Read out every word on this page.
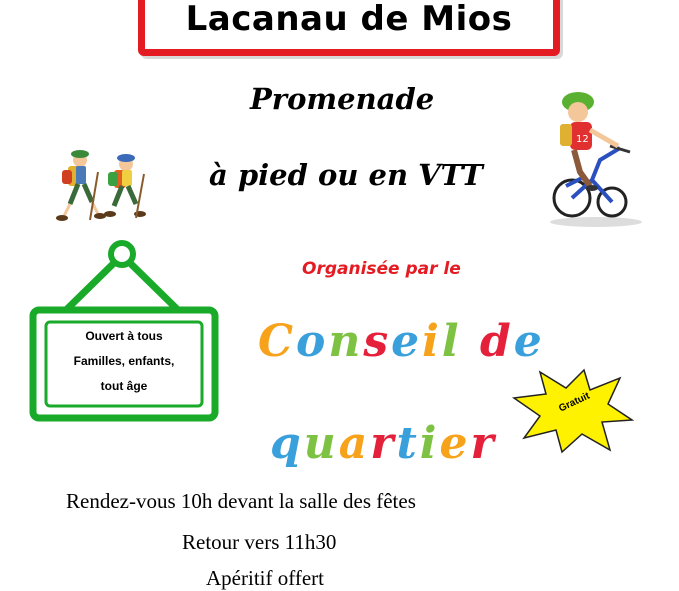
Lacanau de Mios
Promenade
à pied ou en VTT
12
Organisée par le
Ouvert à tous
Familles, enfants,
tout âge
Conseil de
quartier
Gratuit
Rendez-vous 10h devant la salle des fêtes
Retour vers 11h30
Apéritif offert
